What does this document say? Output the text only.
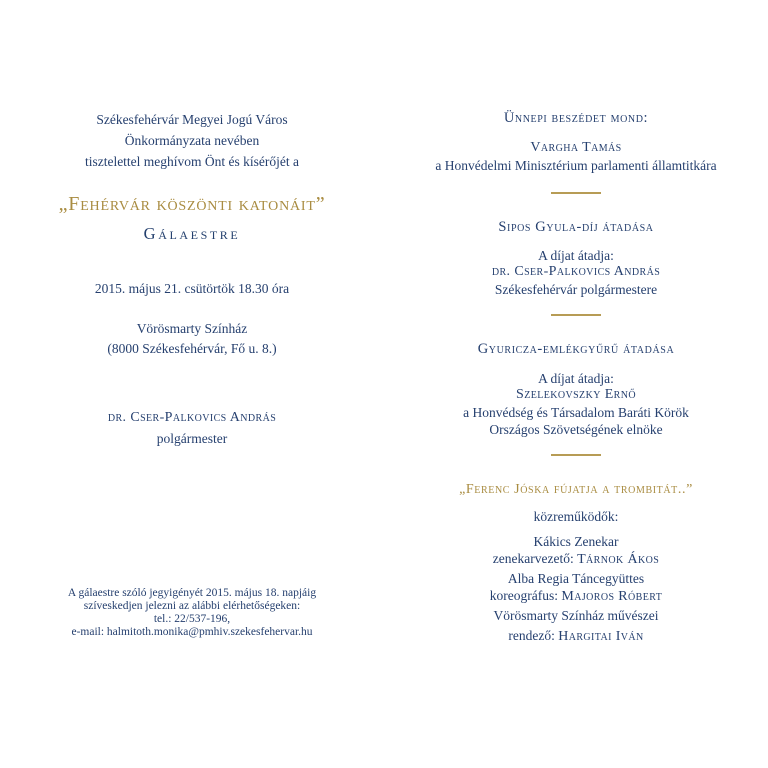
Székesfehérvár Megyei Jogú Város
Önkormányzata nevében
tisztelettel meghívom Önt és kísérőjét a
„Fehérvár köszönti katonáit”
Gálaestre
2015. május 21. csütörtök 18.30 óra
Vörösmarty Színház
(8000 Székesfehérvár, Fő u. 8.)
dr. Cser-Palkovics András
polgármester
A gálaestre szóló jegyigényét 2015. május 18. napjáig
szíveskedjen jelezni az alábbi elérhetőségeken:
tel.: 22/537-196,
e-mail: halmitoth.monika@pmhiv.szekesfehervar.hu
Ünnepi beszédet mond:
Vargha Tamás
a Honvédelmi Minisztérium parlamenti államtitkára
Sipos Gyula-díj átadása
A díjat átadja:
dr. Cser-Palkovics András
Székesfehérvár polgármestere
Gyuricza-emlékgyűrű átadása
A díjat átadja:
Szelekovszky Ernő
a Honvédség és Társadalom Baráti Körök
Országos Szövetségének elnöke
„Ferenc Jóska fújatja a trombitát..”
közreműködők:
Kákics Zenekar
zenekarvezető: Tárnok Ákos
Alba Regia Táncegyüttes
koreográfus: Majoros Róbert
Vörösmarty Színház művészei
rendező: Hargitai Iván
